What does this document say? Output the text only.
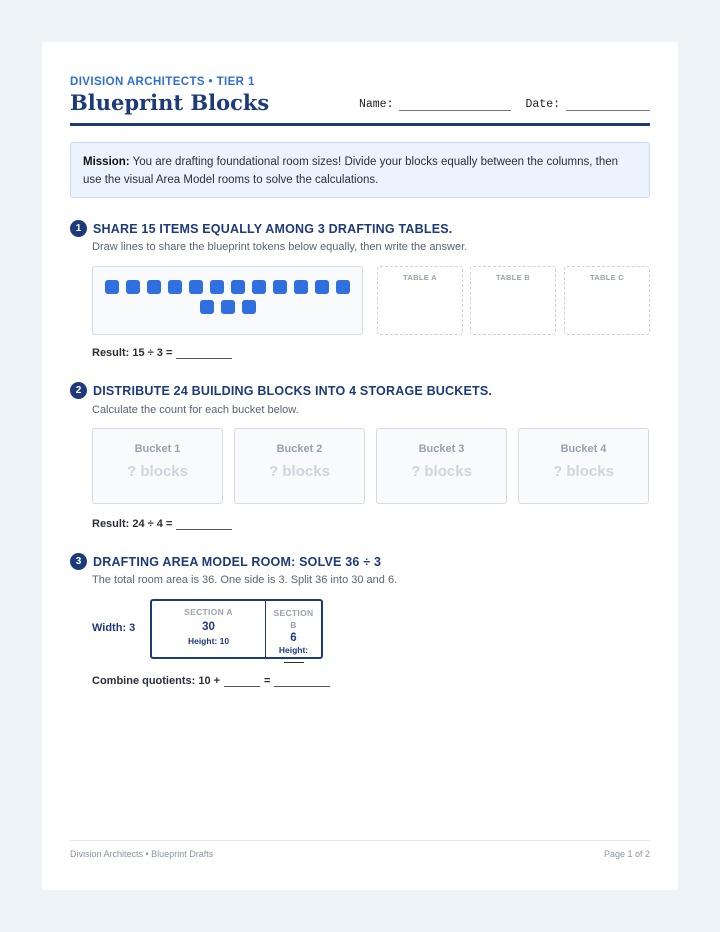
DIVISION ARCHITECTS • TIER 1
Blueprint Blocks	Name:	Date:
Mission: You are drafting foundational room sizes! Divide your blocks equally between the columns, then use the visual Area Model rooms to solve the calculations.
1 SHARE 15 ITEMS EQUALLY AMONG 3 DRAFTING TABLES.
Draw lines to share the blueprint tokens below equally, then write the answer.
TABLE A	TABLE B	TABLE C
Result: 15 ÷ 3 =
2 DISTRIBUTE 24 BUILDING BLOCKS INTO 4 STORAGE BUCKETS.
Calculate the count for each bucket below.
Bucket 1
? blocks
Bucket 2
? blocks
Bucket 3
? blocks
Bucket 4
? blocks
Result: 24 ÷ 4 =
3 DRAFTING AREA MODEL ROOM: SOLVE 36 ÷ 3
The total room area is 36. One side is 3. Split 36 into 30 and 6.
Width: 3
SECTION A
30
Height: 10
SECTION
B
6
Height:
Combine quotients: 10 +	=
Division Architects • Blueprint Drafts	Page 1 of 2
